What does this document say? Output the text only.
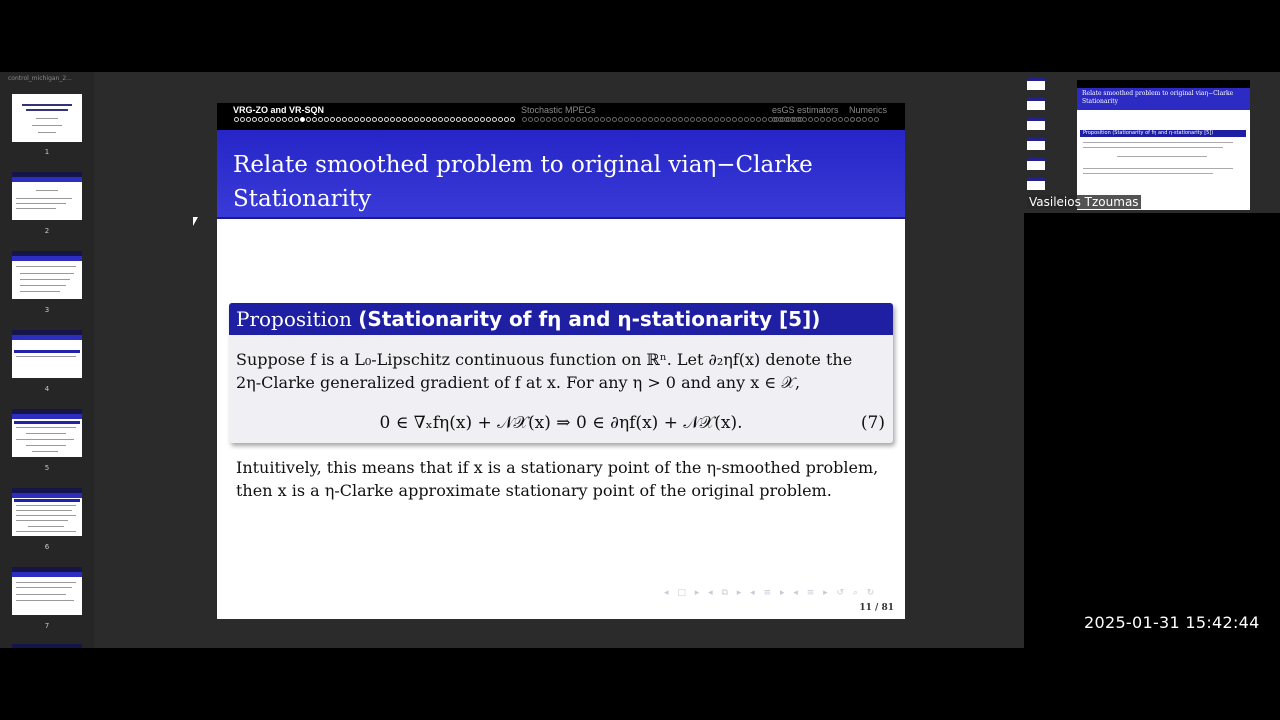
control_michigan_2...
1
2
3
4
5
6
7
VRG-ZO and VR-SQN	Stochastic MPECs	esGS estimators Numerics
Relate smoothed problem to original viaη−Clarke
Stationarity
Proposition (Stationarity of fη and η-stationarity [5])
Suppose f is a L₀-Lipschitz continuous function on ℝⁿ. Let ∂₂ηf(x) denote the
2η-Clarke generalized gradient of f at x. For any η > 0 and any x ∈ 𝒳,
0 ∈ ∇ₓfη(x) + 𝒩𝒳(x) ⇒ 0 ∈ ∂ηf(x) + 𝒩𝒳(x).	(7)
Intuitively, this means that if x is a stationary point of the η-smoothed problem,
then x is a η-Clarke approximate stationary point of the original problem.
◂ □ ▸ ◂ ⧉ ▸ ◂ ≡ ▸ ◂ ≡ ▸ ↺ ⌕ ↻
11 / 81
Relate smoothed problem to original viaη−Clarke Stationarity
Proposition (Stationarity of fη and η-stationarity [5])
Vasileios Tzoumas
2025-01-31 15:42:44
